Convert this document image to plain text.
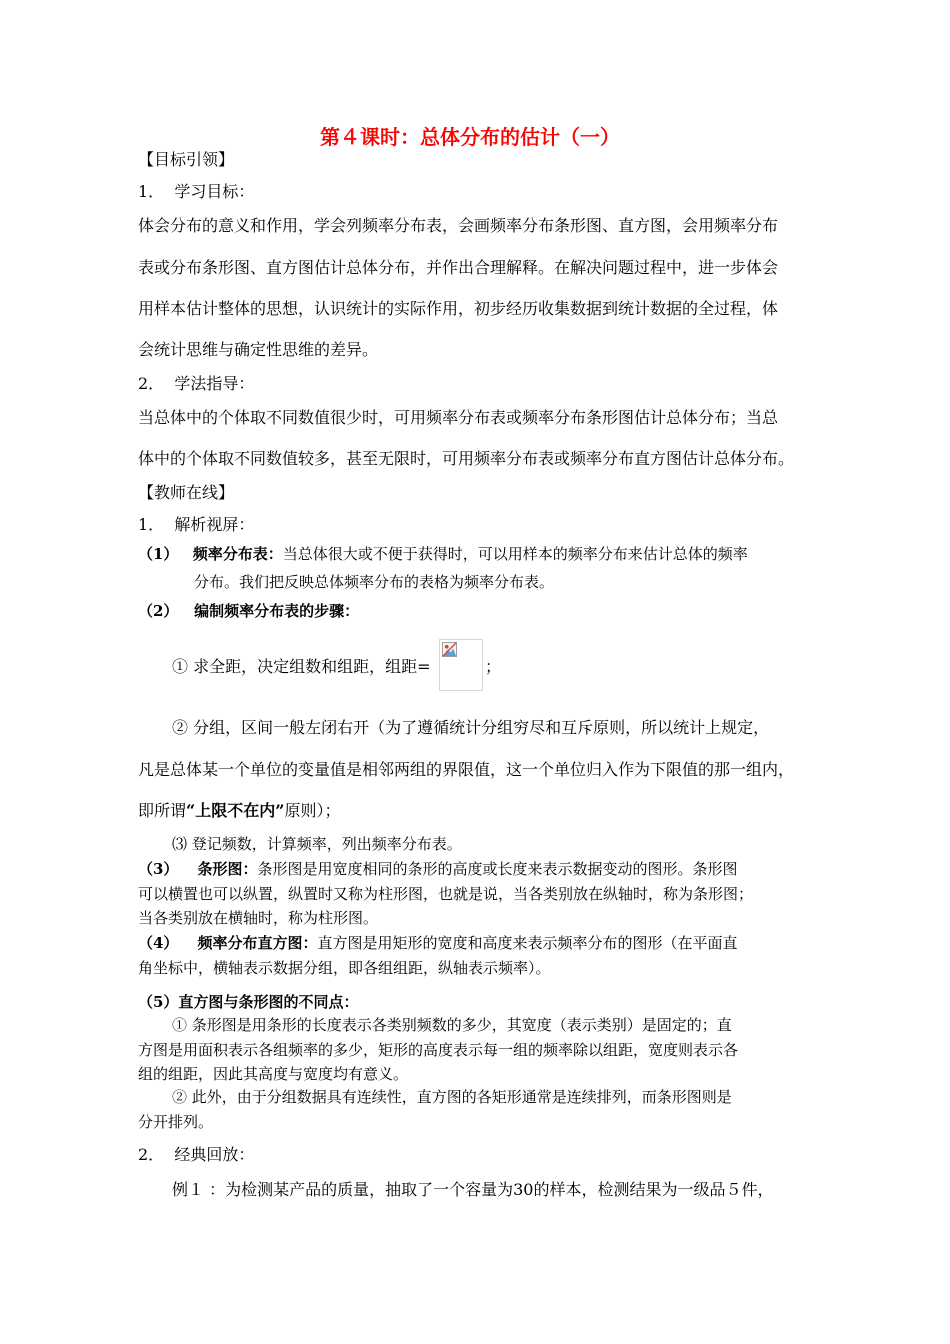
第４课时：总体分布的估计（一）
【目标引领】
1． 学习目标：
体会分布的意义和作用，学会列频率分布表，会画频率分布条形图、直方图，会用频率分布
表或分布条形图、直方图估计总体分布，并作出合理解释。在解决问题过程中，进一步体会
用样本估计整体的思想，认识统计的实际作用，初步经历收集数据到统计数据的全过程，体
会统计思维与确定性思维的差异。
2． 学法指导：
当总体中的个体取不同数值很少时，可用频率分布表或频率分布条形图估计总体分布；当总
体中的个体取不同数值较多，甚至无限时，可用频率分布表或频率分布直方图估计总体分布。
【教师在线】
1． 解析视屏：
（1） 频率分布表：当总体很大或不便于获得时，可以用样本的频率分布来估计总体的频率
分布。我们把反映总体频率分布的表格为频率分布表。
（2） 编制频率分布表的步骤：
① 求全距，决定组数和组距，组距=	；
② 分组，区间一般左闭右开（为了遵循统计分组穷尽和互斥原则，所以统计上规定，
凡是总体某一个单位的变量值是相邻两组的界限值，这一个单位归入作为下限值的那一组内，
即所谓“上限不在内”原则）；
⑶ 登记频数，计算频率，列出频率分布表。
（3） 条形图：条形图是用宽度相同的条形的高度或长度来表示数据变动的图形。条形图
可以横置也可以纵置，纵置时又称为柱形图，也就是说，当各类别放在纵轴时，称为条形图；
当各类别放在横轴时，称为柱形图。
（4） 频率分布直方图：直方图是用矩形的宽度和高度来表示频率分布的图形（在平面直
角坐标中，横轴表示数据分组，即各组组距，纵轴表示频率）。
（5）直方图与条形图的不同点：
① 条形图是用条形的长度表示各类别频数的多少，其宽度（表示类别）是固定的；直
方图是用面积表示各组频率的多少，矩形的高度表示每一组的频率除以组距，宽度则表示各
组的组距，因此其高度与宽度均有意义。
② 此外，由于分组数据具有连续性，直方图的各矩形通常是连续排列，而条形图则是
分开排列。
2． 经典回放：
例１ ：为检测某产品的质量，抽取了一个容量为30的样本，检测结果为一级品５件，
